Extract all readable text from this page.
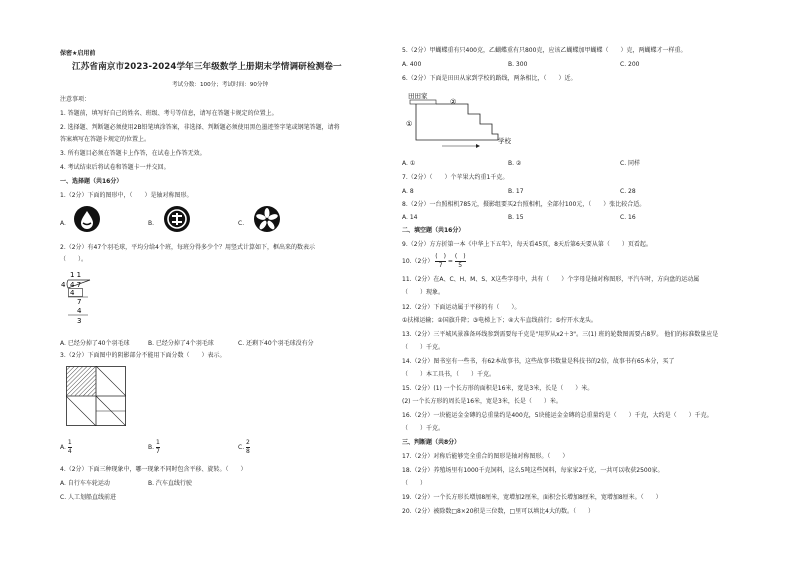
保密★启用前
江苏省南京市2023-2024学年三年级数学上册期末学情调研检测卷一
考试分数：100分；考试时间：90分钟
注意事项：
1. 答题前，填写好自己的姓名、班级、考号等信息，请写在答题卡规定的位置上。
2. 选择题、判断题必须使用2B铅笔填涂答案，非选择、判断题必须使用黑色墨迹签字笔或钢笔答题，请将
答案填写在答题卡规定的位置上。
3. 所有题目必须在答题卡上作答，在试卷上作答无效。
4. 考试结束后将试卷和答题卡一并交回。
一、选择题（共16分）
1.（2分）下面的图形中，（　　）是轴对称图形。
A.	B.	C.
2.（2分）有47个羽毛球，平均分给4个班，每班分得多少个？用竖式计算如下，框出来的数表示
（　　）。
1 1
4 4 7
4
7
4
3
A. 已经分掉了40个羽毛球	B. 已经分掉了4个羽毛球	C. 还剩下40个羽毛球没有分
3.（2分）下面图中的阴影部分不能用下面分数（　　）表示。
A. $\frac{1}{4}$	B. $\frac{1}{7}$	C. $\frac{2}{8}$
4.（2分）下面三种现象中，哪一现象不同时包含平移、旋转。（　　）
A. 自行车车轮运动	B. 汽车直线行驶
C. 人工划船直线前进
5.（2分）甲蝴蝶重有只400克，乙蝴蝶重有只800克，应该乙蝴蝶加甲蝴蝶（　　）克，两蝴蝶才一样重。
A. 400	B. 300	C. 200
6.（2分）下面是田田从家到学校的路线，两条相比，（　　）近。
田田家
①
②
学校
A. ①	B. ②	C. 同样
7.（2分）（　　）个苹果大约重1千克。
A. 8	B. 17	C. 28
8.（2分）一台照相机785元，摄影组要买2台照相机，全部付100元，（　　）张比较合适。
A. 14	B. 15	C. 16
二、填空题（共16分）
9.（2分）方方折第一本《中华上下五年》，每天看45页，8天后第6天要从第（　　）页看起。
10.（2分） $\frac{( )}{7} = \frac{( )}{5}$
11.（2分）在A、C、H、M、S、X这些字母中，共有（　　）个字母是轴对称图形，平汽车时，方向盘的运动属
（　　）现象。
12.（2分）下面运动属于平移的有（　　）。
①扶梯运输；②国旗升降；③电梯上下；④大车直线前行；⑤拧开水龙头。
13.（2分）三平城风景准备环线参到需要每千克是"用罗从x2＋3"。三(1) 班的轮数图需要占8罗。 他们的标准数量应是
（　　）千克。
14.（2分）图书室有一些书，有62本故事书，这些故事书数量是科技书的2倍，故事书有65本分，买了
（　　）本工具书，（　　）千克。
15.（2分）(1) 一个长方形的面积是16米，宽是3米，长是（　　）米。
(2) 一个长方形的周长是16米，宽是3米，长是（　　）米。
16.（2分）一块能运金金磚的总重量约是400克，5块能运金金磚的总重量约是（　　）千克，大约是（　　）千克。
（　　）千克。
三、判断题（共8分）
17.（2分）对称后能够完全重合的图形是轴对称图形。（　　）
18.（2分）养殖场里有1000千克饲料，这么5吨这些饲料，每家家2千克，一共可以收获2500家。
（　　）
19.（2分）一个长方形长增加8厘米，宽增加2厘米，面积会长增加8厘米，宽增加8厘米。（　　）
20.（2分）被除数□8×20积是三位数，□里可以填比4大的数。（　　）
